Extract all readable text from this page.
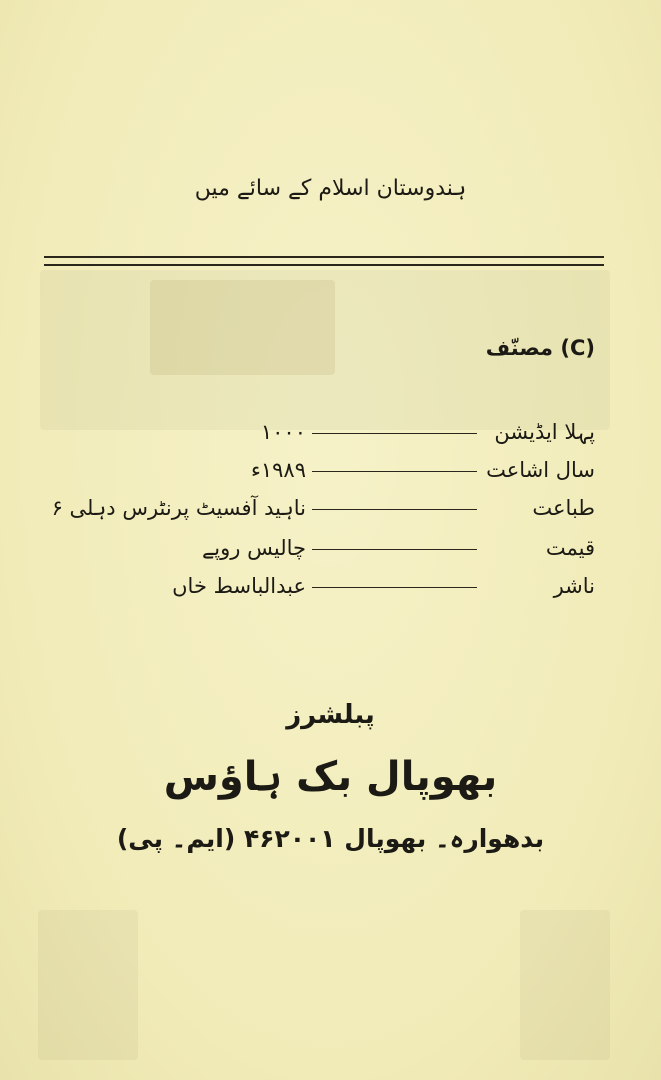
ہندوستان اسلام کے سائے میں
(C) مصنّف
پہلا ایڈیشن
۱۰۰۰
سال اشاعت
۱۹۸۹ء
طباعت
ناہید آفسیٹ پرنٹرس دہلی ۶
قیمت
چالیس روپے
ناشر
عبدالباسط خاں
پبلشرز
بھوپال بک ہاؤس
بدھوارہ۔ بھوپال ۴۶۲۰۰۱ (ایم۔ پی)
